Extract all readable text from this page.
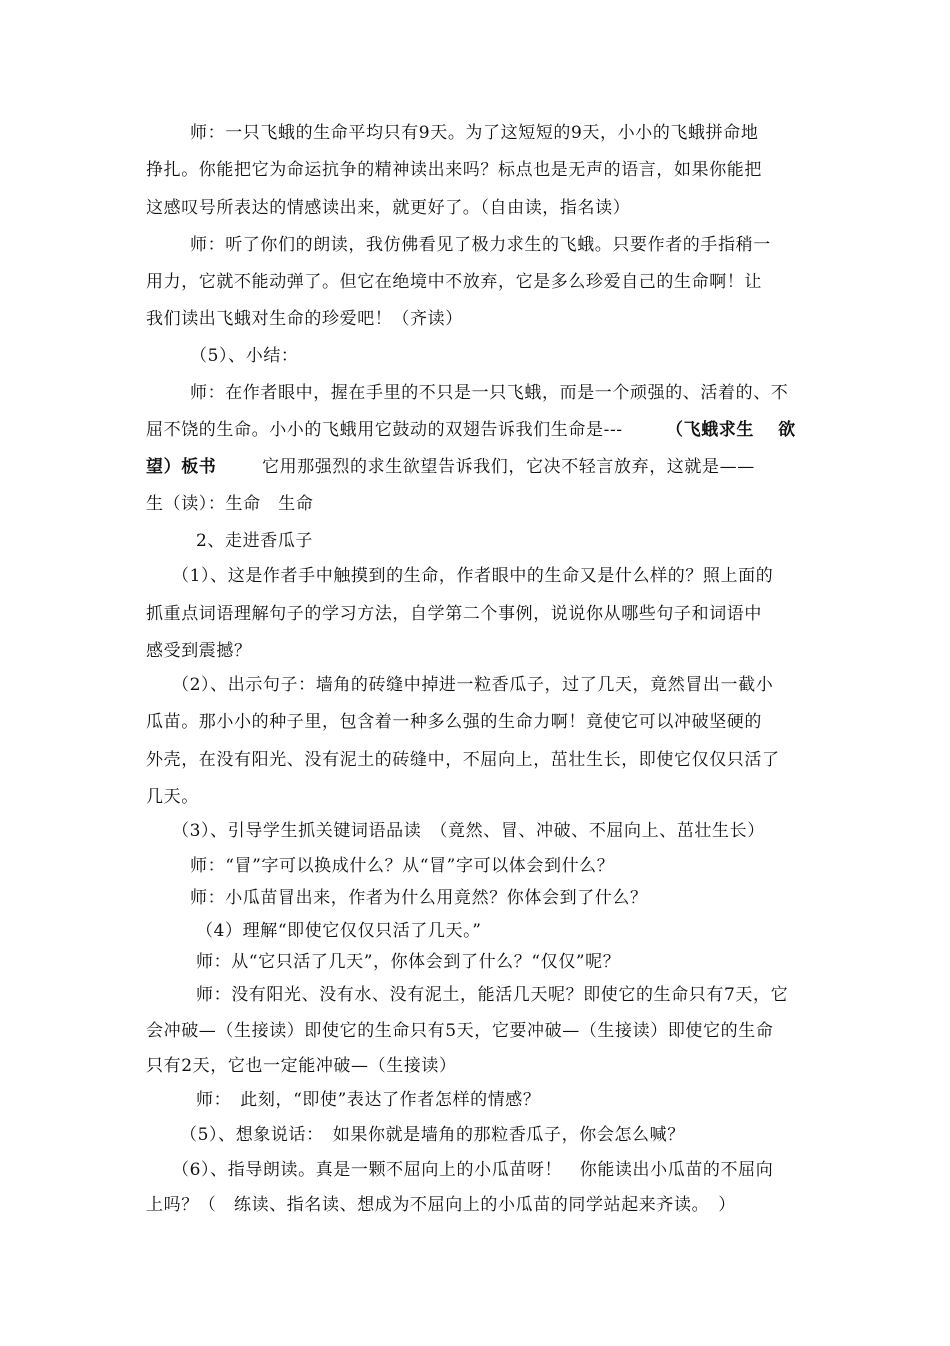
师：一只飞蛾的生命平均只有9天。为了这短短的9天，小小的飞蛾拼命地
挣扎。你能把它为命运抗争的精神读出来吗？标点也是无声的语言，如果你能把
这感叹号所表达的情感读出来，就更好了。（自由读，指名读）
师：听了你们的朗读，我仿佛看见了极力求生的飞蛾。只要作者的手指稍一
用力，它就不能动弹了。但它在绝境中不放弃，它是多么珍爱自己的生命啊！让
我们读出飞蛾对生命的珍爱吧！（齐读）
（5）、小结：
师：在作者眼中，握在手里的不只是一只飞蛾，而是一个顽强的、活着的、不
屈不饶的生命。小小的飞蛾用它鼓动的双翅告诉我们生命是---	（飞蛾求生　 欲
望）板书	它用那强烈的求生欲望告诉我们，它决不轻言放弃，这就是——
生（读）：生命　生命
2、走进香瓜子
（1）、这是作者手中触摸到的生命，作者眼中的生命又是什么样的？照上面的
抓重点词语理解句子的学习方法，自学第二个事例，说说你从哪些句子和词语中
感受到震撼？
（2）、出示句子：墙角的砖缝中掉进一粒香瓜子，过了几天，竟然冒出一截小
瓜苗。那小小的种子里，包含着一种多么强的生命力啊！竟使它可以冲破坚硬的
外壳，在没有阳光、没有泥土的砖缝中，不屈向上，茁壮生长，即使它仅仅只活了
几天。
（3）、引导学生抓关键词语品读　（竟然、冒、冲破、不屈向上、茁壮生长）
师：“冒”字可以换成什么？从“冒”字可以体会到什么？
师：小瓜苗冒出来，作者为什么用竟然？你体会到了什么？
（4）理解“即使它仅仅只活了几天。”
师：从“它只活了几天”，你体会到了什么？“仅仅”呢？
师：没有阳光、没有水、没有泥土，能活几天呢？即使它的生命只有7天，它
会冲破—（生接读）即使它的生命只有5天，它要冲破—（生接读）即使它的生命
只有2天，它也一定能冲破—（生接读）
师：　此刻，“即使”表达了作者怎样的情感？
（5）、想象说话：　如果你就是墙角的那粒香瓜子，你会怎么喊？
（6）、指导朗读。真是一颗不屈向上的小瓜苗呀！　你能读出小瓜苗的不屈向
上吗？（　练读、指名读、想成为不屈向上的小瓜苗的同学站起来齐读。　）
